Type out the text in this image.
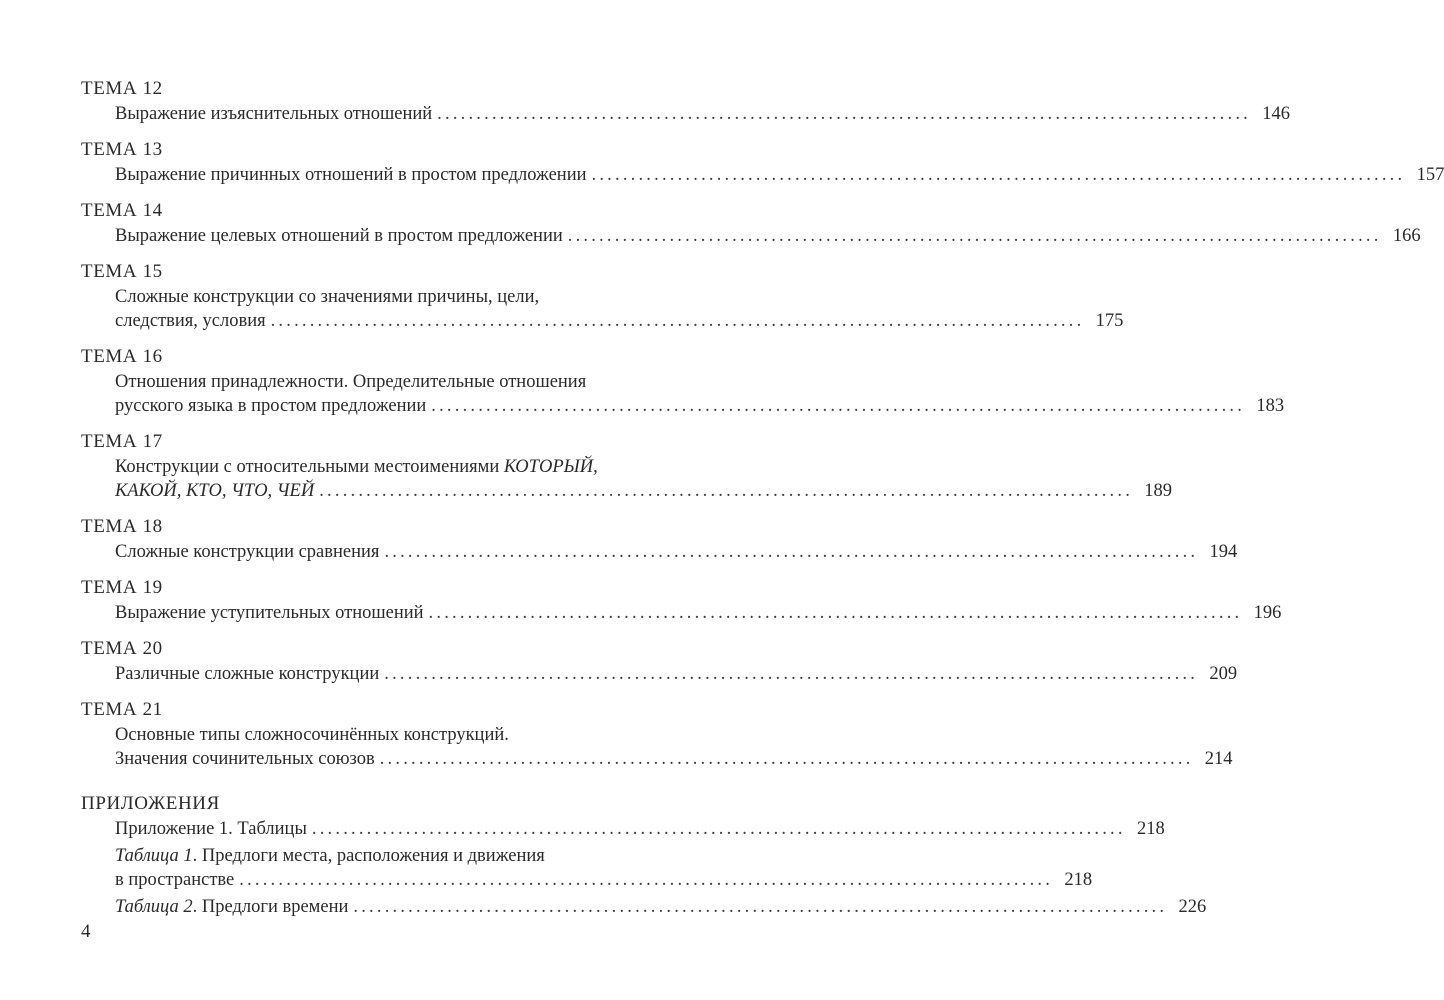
ТЕМА 12
Выражение изъяснительных отношений ........................................................................................................ 146
ТЕМА 13
Выражение причинных отношений в простом предложении ........................................................................................................ 157
ТЕМА 14
Выражение целевых отношений в простом предложении ........................................................................................................ 166
ТЕМА 15
Сложные конструкции со значениями причины, цели,
следствия, условия ........................................................................................................ 175
ТЕМА 16
Отношения принадлежности. Определительные отношения
русского языка в простом предложении ........................................................................................................ 183
ТЕМА 17
Конструкции с относительными местоимениями КОТОРЫЙ,
КАКОЙ, КТО, ЧТО, ЧЕЙ ........................................................................................................ 189
ТЕМА 18
Сложные конструкции сравнения ........................................................................................................ 194
ТЕМА 19
Выражение уступительных отношений ........................................................................................................ 196
ТЕМА 20
Различные сложные конструкции ........................................................................................................ 209
ТЕМА 21
Основные типы сложносочинённых конструкций.
Значения сочинительных союзов ........................................................................................................ 214
ПРИЛОЖЕНИЯ
Приложение 1. Таблицы ........................................................................................................ 218
Таблица 1. Предлоги места, расположения и движения
в пространстве ........................................................................................................ 218
Таблица 2. Предлоги времени ........................................................................................................ 226
4
